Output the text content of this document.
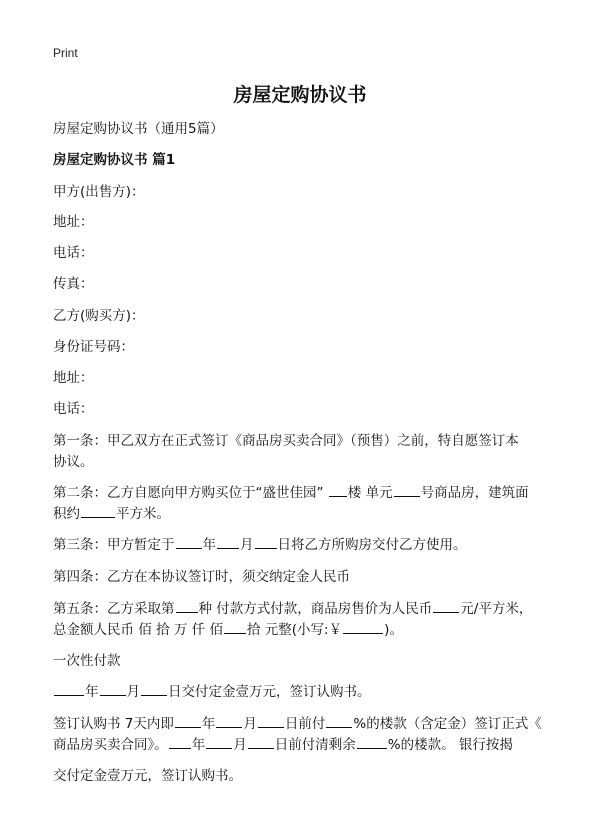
Print
房屋定购协议书
房屋定购协议书（通用5篇）
房屋定购协议书 篇1
甲方(出售方)：
地址：
电话：
传真：
乙方(购买方)：
身份证号码：
地址：
电话：
第一条：甲乙双方在正式签订《商品房买卖合同》（预售）之前，特自愿签订本
协议。
第二条：乙方自愿向甲方购买位于“盛世佳园” 楼 单元 号商品房，建筑面
积约	平方米。
第三条：甲方暂定于 年 月 日将乙方所购房交付乙方使用。
第四条：乙方在本协议签订时，须交纳定金人民币
第五条：乙方采取第 种 付款方式付款，商品房售价为人民币 元/平方米，
总金额人民币 佰 拾 万 仟 佰 拾 元整(小写:￥	)。
一次性付款
年 月 日交付定金壹万元，签订认购书。
签订认购书 7天内即 年 月 日前付 %的楼款（含定金）签订正式《
商品房买卖合同》。 年 月 日前付清剩余 %的楼款。 银行按揭
交付定金壹万元，签订认购书。
